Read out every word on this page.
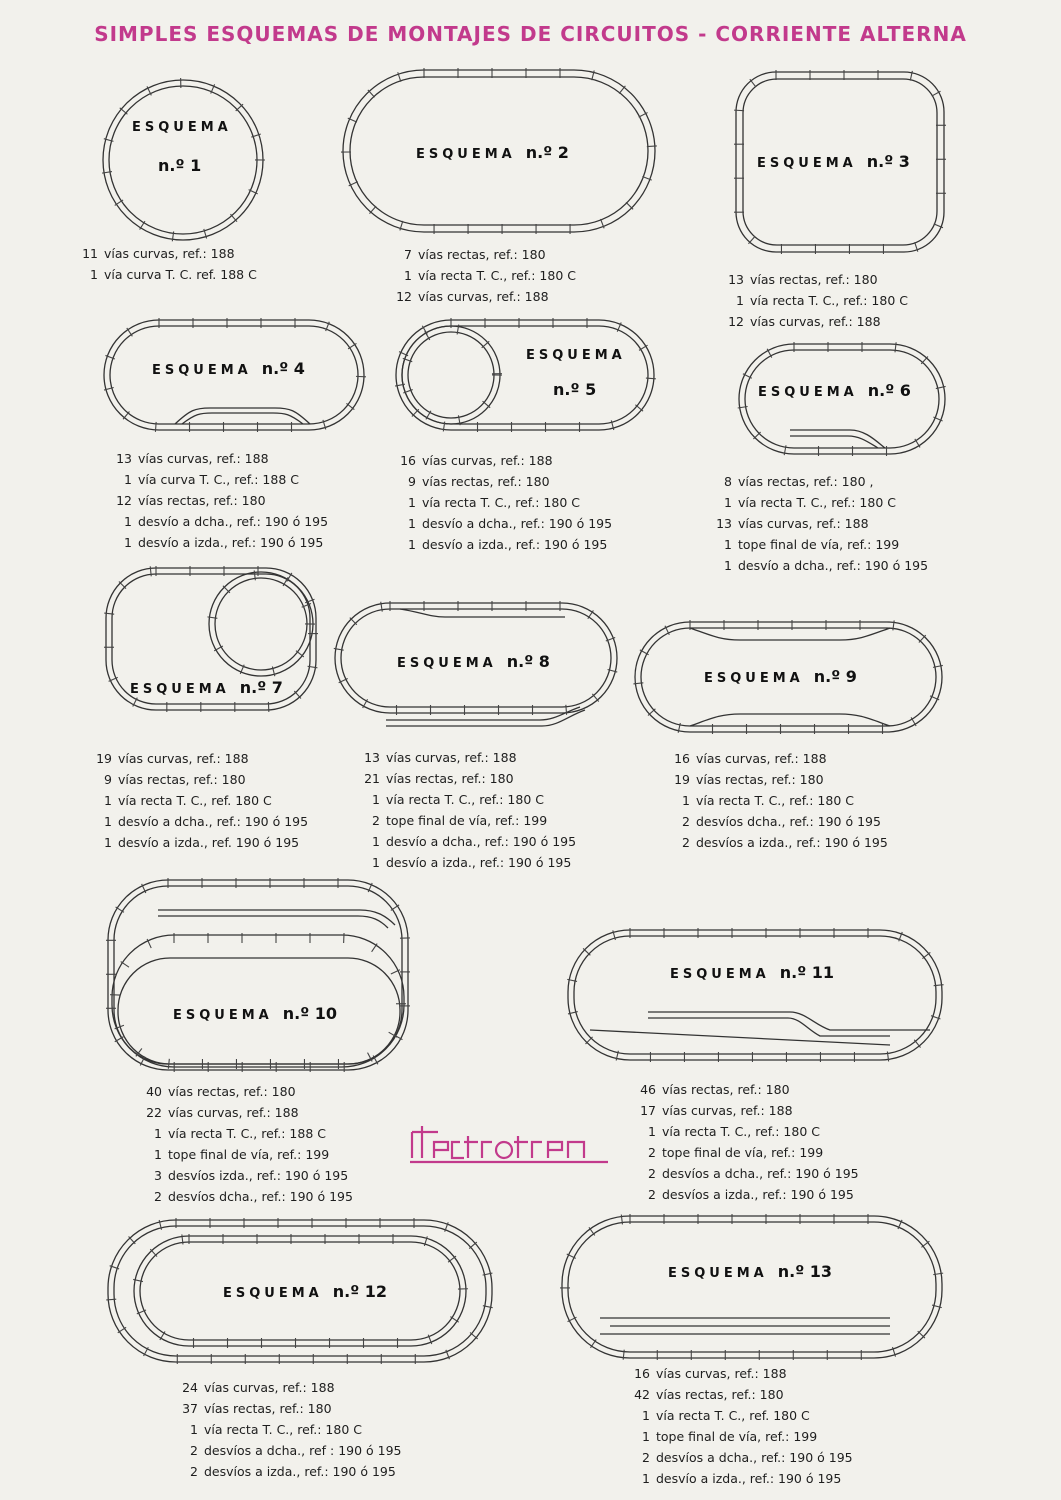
SIMPLES ESQUEMAS DE MONTAJES DE CIRCUITOS - CORRIENTE ALTERNA
ESQUEMA
n.º 1
ESQUEMA n.º 2
ESQUEMA n.º 3
ESQUEMA n.º 4
ESQUEMA
n.º 5	ESQUEMA n.º 6
ESQUEMA n.º 7
ESQUEMA n.º 8
ESQUEMA n.º 9
ESQUEMA n.º 10
ESQUEMA n.º 11
ESQUEMA n.º 12
ESQUEMA n.º 13
11 vías curvas, ref.: 188
1 vía curva T. C. ref. 188 C
7 vías rectas, ref.: 180
1 vía recta T. C., ref.: 180 C
12 vías curvas, ref.: 188
13 vías rectas, ref.: 180
1 vía recta T. C., ref.: 180 C
12 vías curvas, ref.: 188
13 vías curvas, ref.: 188
1 vía curva T. C., ref.: 188 C
12 vías rectas, ref.: 180
1 desvío a dcha., ref.: 190 ó 195
1 desvío a izda., ref.: 190 ó 195
16 vías curvas, ref.: 188
9 vías rectas, ref.: 180
1 vía recta T. C., ref.: 180 C
1 desvío a dcha., ref.: 190 ó 195
1 desvío a izda., ref.: 190 ó 195
8 vías rectas, ref.: 180 ,
1 vía recta T. C., ref.: 180 C
13 vías curvas, ref.: 188
1 tope final de vía, ref.: 199
1 desvío a dcha., ref.: 190 ó 195
19 vías curvas, ref.: 188
9 vías rectas, ref.: 180
1 vía recta T. C., ref. 180 C
1 desvío a dcha., ref.: 190 ó 195
1 desvío a izda., ref. 190 ó 195
13 vías curvas, ref.: 188
21 vías rectas, ref.: 180
1 vía recta T. C., ref.: 180 C
2 tope final de vía, ref.: 199
1 desvío a dcha., ref.: 190 ó 195
1 desvío a izda., ref.: 190 ó 195
16 vías curvas, ref.: 188
19 vías rectas, ref.: 180
1 vía recta T. C., ref.: 180 C
2 desvíos dcha., ref.: 190 ó 195
2 desvíos a izda., ref.: 190 ó 195
40 vías rectas, ref.: 180
22 vías curvas, ref.: 188
1 vía recta T. C., ref.: 188 C
1 tope final de vía, ref.: 199
3 desvíos izda., ref.: 190 ó 195
2 desvíos dcha., ref.: 190 ó 195
46 vías rectas, ref.: 180
17 vías curvas, ref.: 188
1 vía recta T. C., ref.: 180 C
2 tope final de vía, ref.: 199
2 desvíos a dcha., ref.: 190 ó 195
2 desvíos a izda., ref.: 190 ó 195
24 vías curvas, ref.: 188
37 vías rectas, ref.: 180
1 vía recta T. C., ref.: 180 C
2 desvíos a dcha., ref : 190 ó 195
2 desvíos a izda., ref.: 190 ó 195
16 vías curvas, ref.: 188
42 vías rectas, ref.: 180
1 vía recta T. C., ref. 180 C
1 tope final de vía, ref.: 199
2 desvíos a dcha., ref.: 190 ó 195
1 desvío a izda., ref.: 190 ó 195
